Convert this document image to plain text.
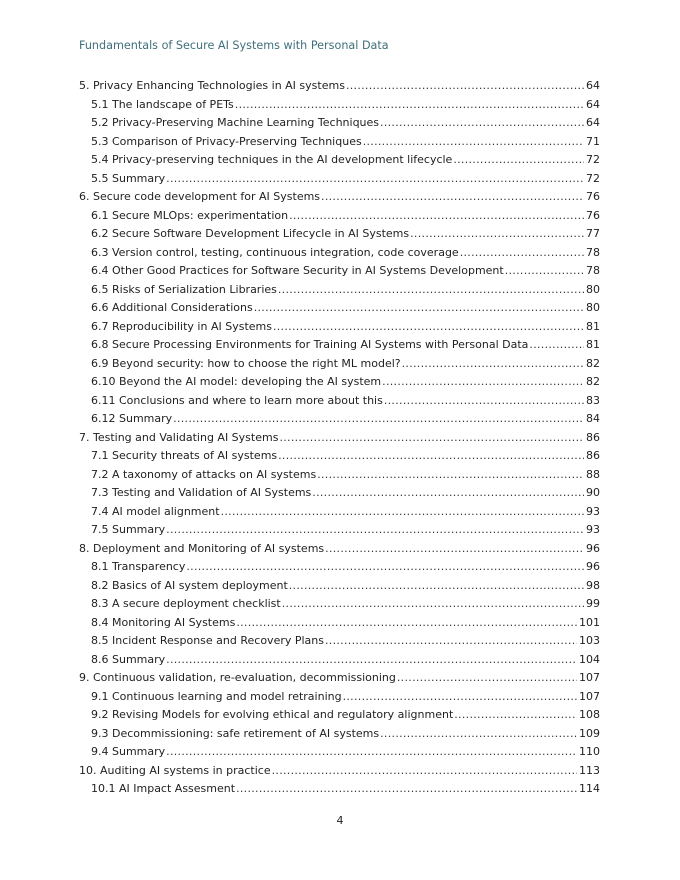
Fundamentals of Secure AI Systems with Personal Data
5. Privacy Enhancing Technologies in AI systems .....	64
5.1 The landscape of PETs .....	64
5.2 Privacy-Preserving Machine Learning Techniques .....	64
5.3 Comparison of Privacy-Preserving Techniques .....	71
5.4 Privacy-preserving techniques in the AI development lifecycle .....	72
5.5 Summary .....	72
6. Secure code development for AI Systems .....	76
6.1 Secure MLOps: experimentation .....	76
6.2 Secure Software Development Lifecycle in AI Systems .....	77
6.3 Version control, testing, continuous integration, code coverage .....	78
6.4 Other Good Practices for Software Security in AI Systems Development .....	78
6.5 Risks of Serialization Libraries .....	80
6.6 Additional Considerations .....	80
6.7 Reproducibility in AI Systems .....	81
6.8 Secure Processing Environments for Training AI Systems with Personal Data .....	81
6.9 Beyond security: how to choose the right ML model? .....	82
6.10 Beyond the AI model: developing the AI system .....	82
6.11 Conclusions and where to learn more about this .....	83
6.12 Summary .....	84
7. Testing and Validating AI Systems .....	86
7.1 Security threats of AI systems .....	86
7.2 A taxonomy of attacks on AI systems .....	88
7.3 Testing and Validation of AI Systems .....	90
7.4 AI model alignment .....	93
7.5 Summary .....	93
8. Deployment and Monitoring of AI systems .....	96
8.1 Transparency .....	96
8.2 Basics of AI system deployment .....	98
8.3 A secure deployment checklist .....	99
8.4 Monitoring AI Systems .....	101
8.5 Incident Response and Recovery Plans .....	103
8.6 Summary .....	104
9. Continuous validation, re-evaluation, decommissioning .....	107
9.1 Continuous learning and model retraining .....	107
9.2 Revising Models for evolving ethical and regulatory alignment .....	108
9.3 Decommissioning: safe retirement of AI systems .....	109
9.4 Summary .....	110
10. Auditing AI systems in practice .....	113
10.1 AI Impact Assesment .....	114
4
